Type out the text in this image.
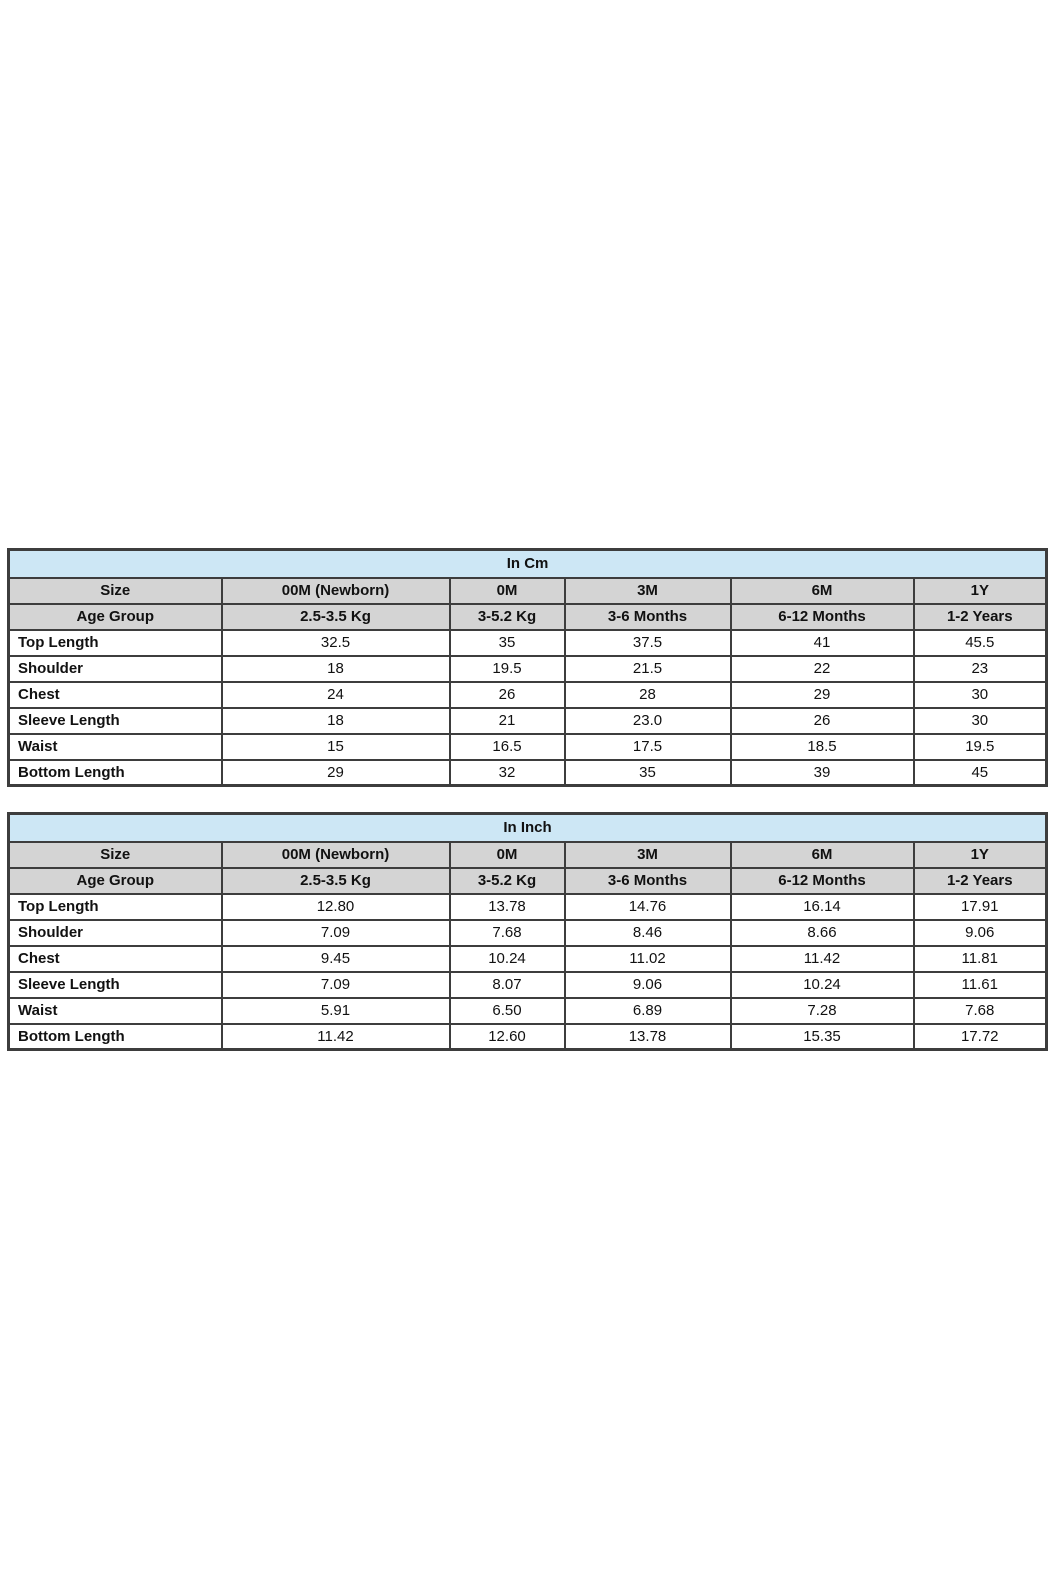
In Cm					
Size	00M (Newborn)	0M	3M	6M	1Y
Age Group	2.5-3.5 Kg	3-5.2 Kg	3-6 Months	6-12 Months	1-2 Years
Top Length	32.5	35	37.5	41	45.5
Shoulder	18	19.5	21.5	22	23
Chest	24	26	28	29	30
Sleeve Length	18	21	23.0	26	30
Waist	15	16.5	17.5	18.5	19.5
Bottom Length	29	32	35	39	45
In Inch					
Size	00M (Newborn)	0M	3M	6M	1Y
Age Group	2.5-3.5 Kg	3-5.2 Kg	3-6 Months	6-12 Months	1-2 Years
Top Length	12.80	13.78	14.76	16.14	17.91
Shoulder	7.09	7.68	8.46	8.66	9.06
Chest	9.45	10.24	11.02	11.42	11.81
Sleeve Length	7.09	8.07	9.06	10.24	11.61
Waist	5.91	6.50	6.89	7.28	7.68
Bottom Length	11.42	12.60	13.78	15.35	17.72
